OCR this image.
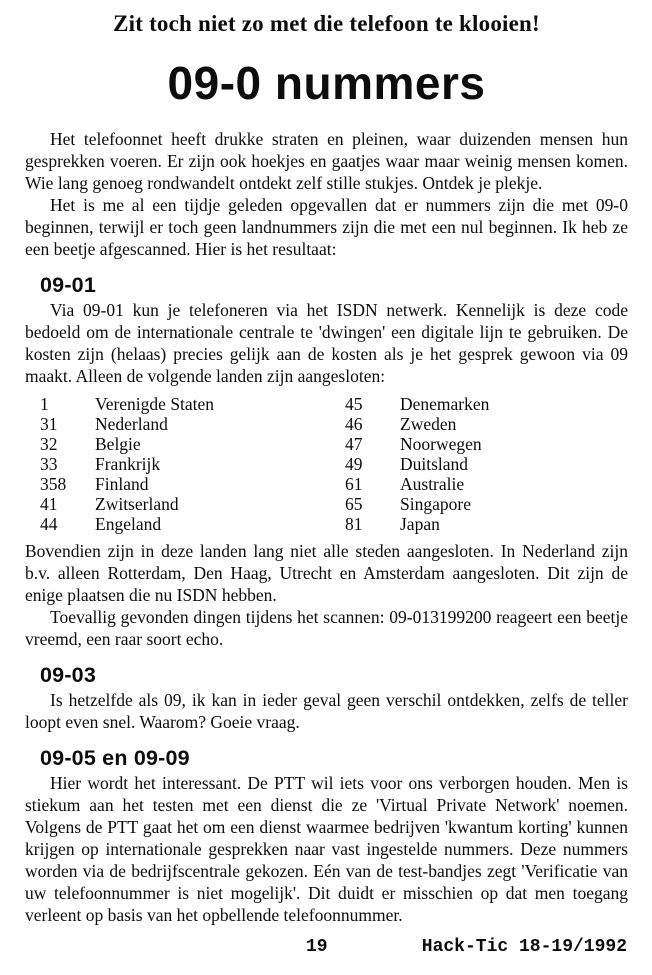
Zit toch niet zo met die telefoon te klooien!

09-0 nummers

Het telefoonnet heeft drukke straten en pleinen, waar duizenden mensen hun gesprekken voeren. Er zijn ook hoekjes en gaatjes waar maar weinig mensen komen. Wie lang genoeg rondwandelt ontdekt zelf stille stukjes. Ontdek je plekje.

Het is me al een tijdje geleden opgevallen dat er nummers zijn die met 09-0 beginnen, terwijl er toch geen landnummers zijn die met een nul beginnen. Ik heb ze een beetje afgescanned. Hier is het resultaat:

09-01

Via 09-01 kun je telefoneren via het ISDN netwerk. Kennelijk is deze code bedoeld om de internationale centrale te 'dwingen' een digitale lijn te gebruiken. De kosten zijn (helaas) precies gelijk aan de kosten als je het gesprek gewoon via 09 maakt. Alleen de volgende landen zijn aangesloten:

1	Verenigde Staten	45	Denemarken
31	Nederland	46	Zweden
32	Belgie	47	Noorwegen
33	Frankrijk	49	Duitsland
358	Finland	61	Australie
41	Zwitserland	65	Singapore
44	Engeland	81	Japan

Bovendien zijn in deze landen lang niet alle steden aangesloten. In Nederland zijn b.v. alleen Rotterdam, Den Haag, Utrecht en Amsterdam aangesloten. Dit zijn de enige plaatsen die nu ISDN hebben.

Toevallig gevonden dingen tijdens het scannen: 09-013199200 reageert een beetje vreemd, een raar soort echo.

09-03

Is hetzelfde als 09, ik kan in ieder geval geen verschil ontdekken, zelfs de teller loopt even snel. Waarom? Goeie vraag.

09-05 en 09-09

Hier wordt het interessant. De PTT wil iets voor ons verborgen houden. Men is stiekum aan het testen met een dienst die ze 'Virtual Private Network' noemen. Volgens de PTT gaat het om een dienst waarmee bedrijven 'kwantum korting' kunnen krijgen op internationale gesprekken naar vast ingestelde nummers. Deze nummers worden via de bedrijfscentrale gekozen. Eén van de test-bandjes zegt 'Verificatie van uw telefoonnummer is niet mogelijk'. Dit duidt er misschien op dat men toegang verleent op basis van het opbellende telefoonnummer.

19	Hack-Tic 18-19/1992
